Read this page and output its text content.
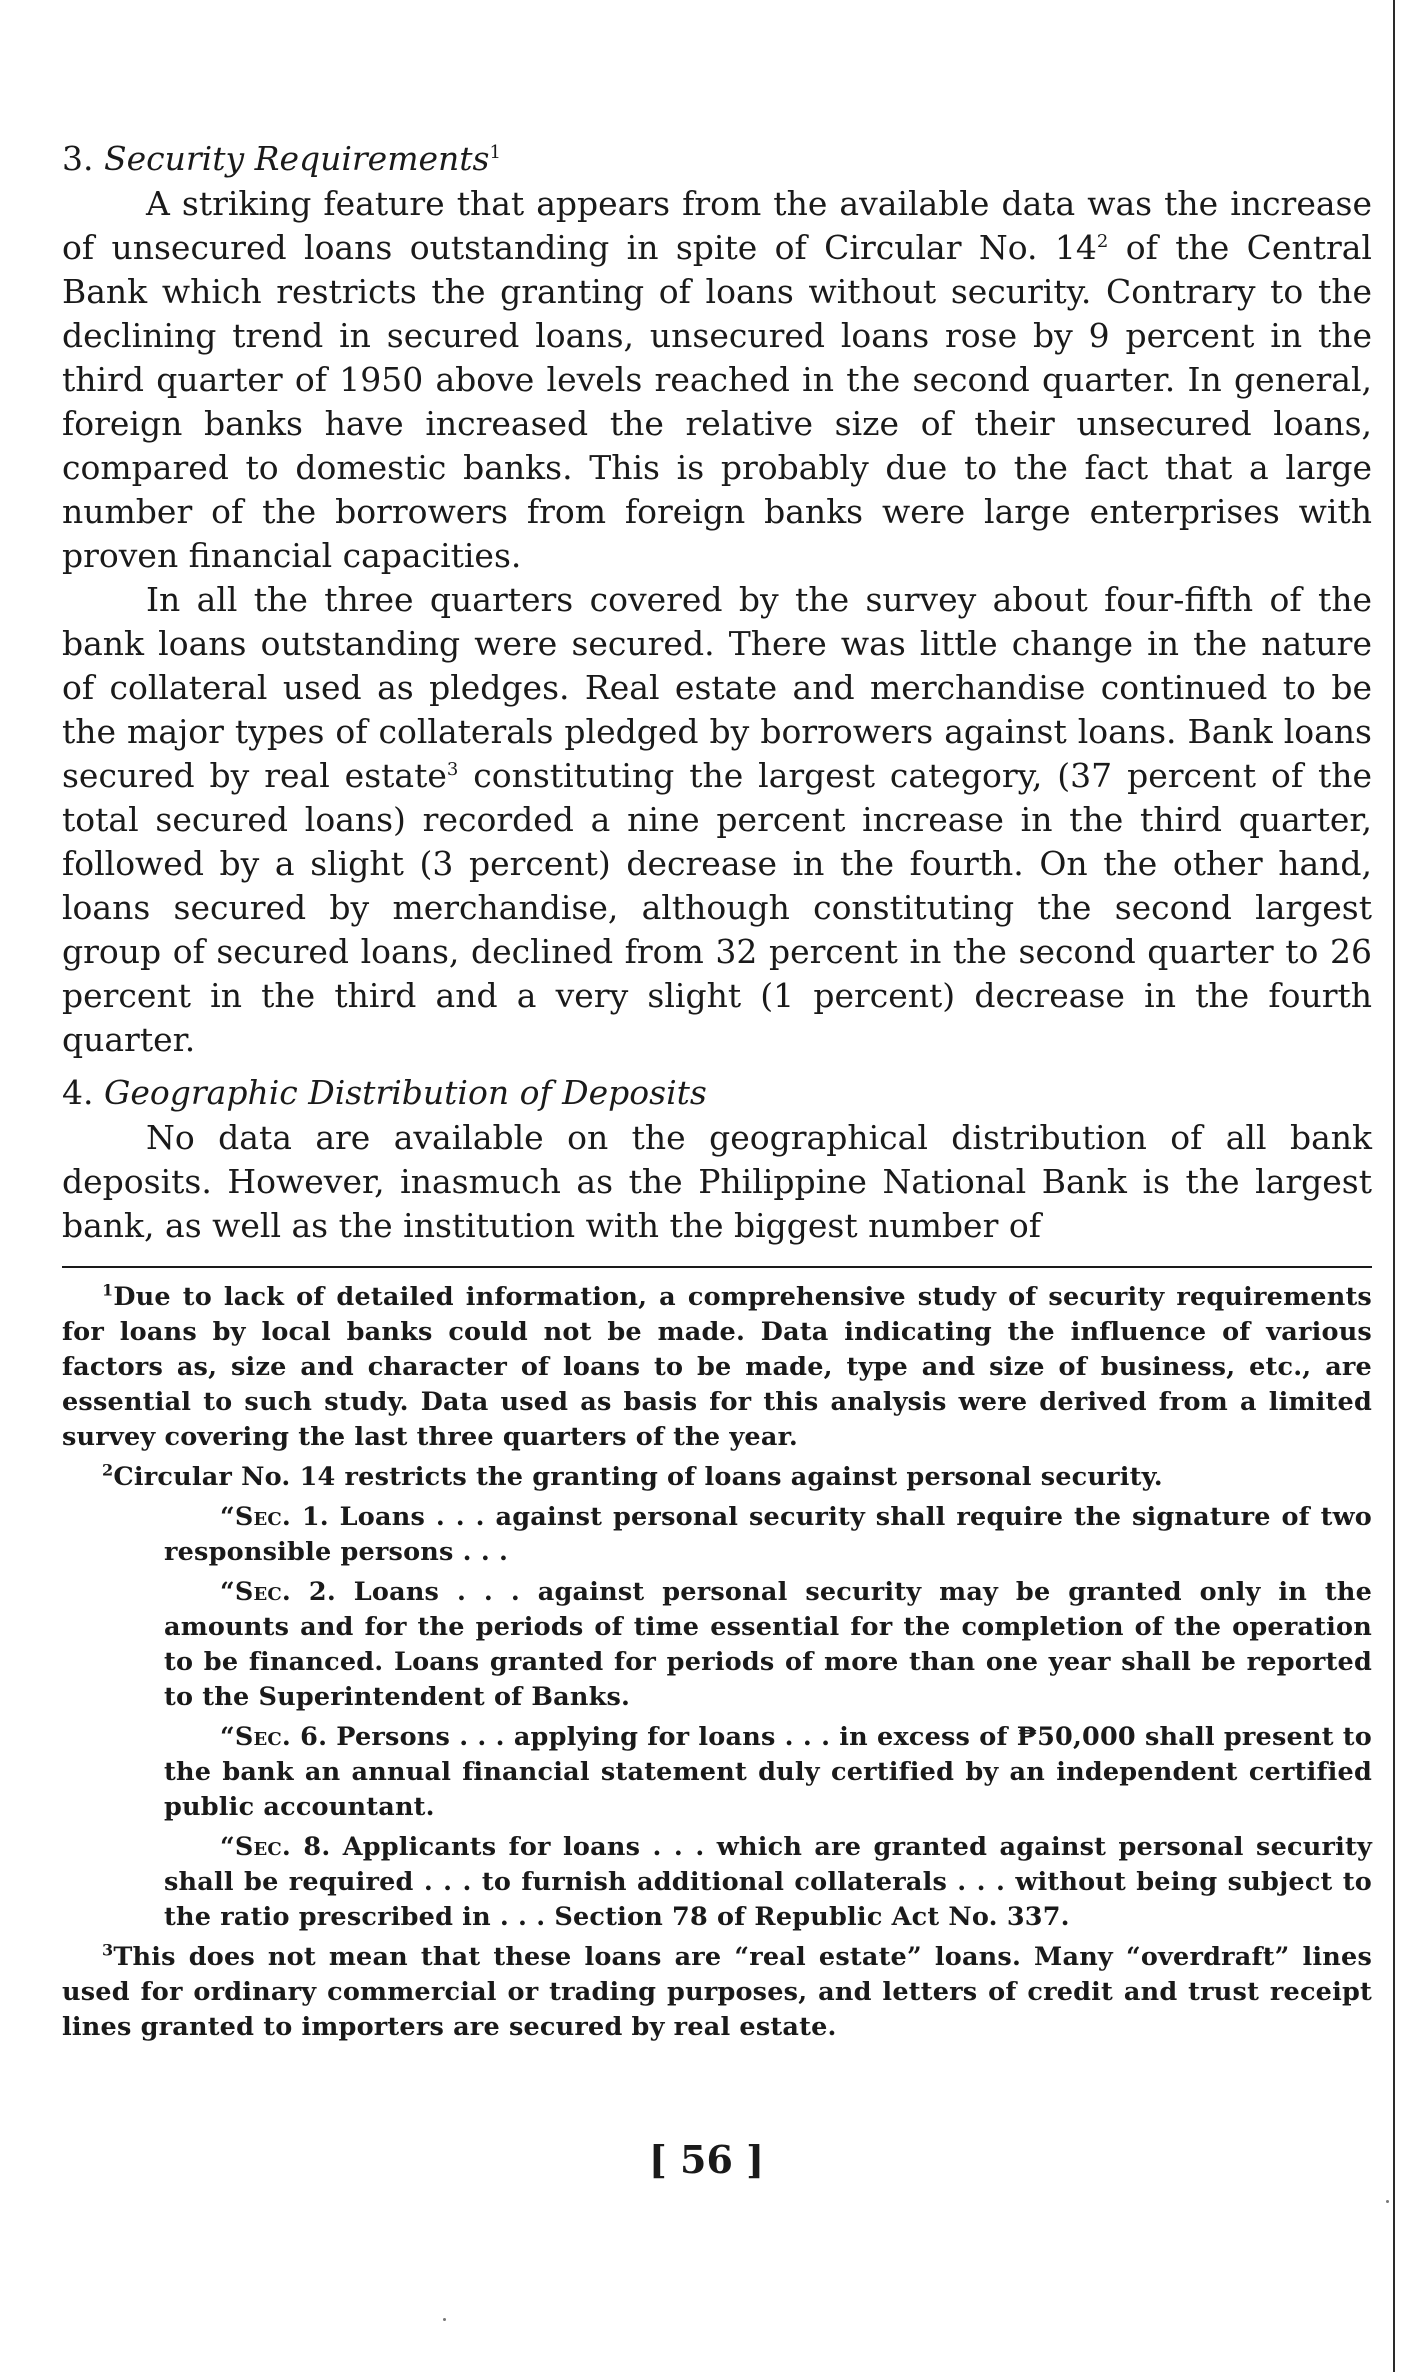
3. Security Requirements$^1$

A striking feature that appears from the available data was the increase of unsecured loans outstanding in spite of Circular No. $14^2$ of the Central Bank which restricts the granting of loans without security. Contrary to the declining trend in secured loans, unsecured loans rose by 9 percent in the third quarter of 1950 above levels reached in the second quarter. In general, foreign banks have increased the relative size of their unsecured loans, compared to domestic banks. This is probably due to the fact that a large number of the borrowers from foreign banks were large enterprises with proven financial capacities.

In all the three quarters covered by the survey about four-fifth of the bank loans outstanding were secured. There was little change in the nature of collateral used as pledges. Real estate and merchandise continued to be the major types of collaterals pledged by borrowers against loans. Bank loans secured by real estate$^3$ constituting the largest category, (37 percent of the total secured loans) recorded a nine percent increase in the third quarter, followed by a slight (3 percent) decrease in the fourth. On the other hand, loans secured by merchandise, although constituting the second largest group of secured loans, declined from 32 percent in the second quarter to 26 percent in the third and a very slight (1 percent) decrease in the fourth quarter.

4. Geographic Distribution of Deposits

No data are available on the geographical distribution of all bank deposits. However, inasmuch as the Philippine National Bank is the largest bank, as well as the institution with the biggest number of

$^1$Due to lack of detailed information, a comprehensive study of security requirements for loans by local banks could not be made. Data indicating the influence of various factors as, size and character of loans to be made, type and size of business, etc., are essential to such study. Data used as basis for this analysis were derived from a limited survey covering the last three quarters of the year.

$^2$Circular No. 14 restricts the granting of loans against personal security.

“Sec. 1. Loans . . . against personal security shall require the signature of two responsible persons . . .

“Sec. 2. Loans . . . against personal security may be granted only in the amounts and for the periods of time essential for the completion of the operation to be financed. Loans granted for periods of more than one year shall be reported to the Superintendent of Banks.

“Sec. 6. Persons . . . applying for loans . . . in excess of ₱50,000 shall present to the bank an annual financial statement duly certified by an independent certified public accountant.

“Sec. 8. Applicants for loans . . . which are granted against personal security shall be required . . . to furnish additional collaterals . . . without being subject to the ratio prescribed in . . . Section 78 of Republic Act No. 337.

$^3$This does not mean that these loans are “real estate” loans. Many “overdraft” lines used for ordinary commercial or trading purposes, and letters of credit and trust receipt lines granted to importers are secured by real estate.

[ 56 ]
